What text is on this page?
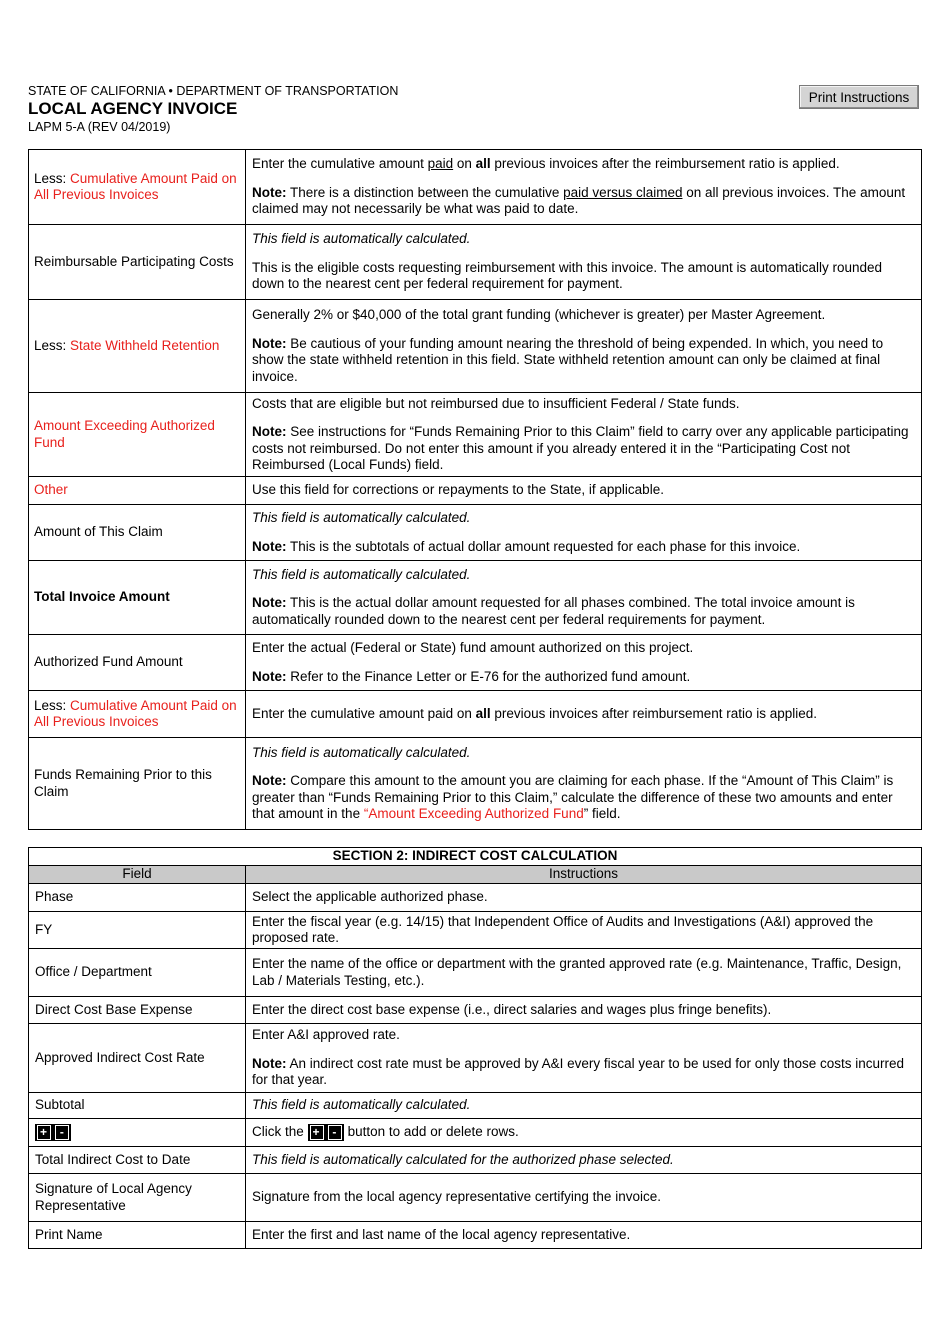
STATE OF CALIFORNIA • DEPARTMENT OF TRANSPORTATION
LOCAL AGENCY INVOICE
LAPM 5-A (REV 04/2019)
Print Instructions
Less: Cumulative Amount Paid on All Previous Invoices	Enter the cumulative amount paid on all previous invoices after the reimbursement ratio is applied.

Note: There is a distinction between the cumulative paid versus claimed on all previous invoices. The amount claimed may not necessarily be what was paid to date.

Reimbursable Participating Costs	This field is automatically calculated.

This is the eligible costs requesting reimbursement with this invoice. The amount is automatically rounded down to the nearest cent per federal requirement for payment.

Less: State Withheld Retention	Generally 2% or $40,000 of the total grant funding (whichever is greater) per Master Agreement.

Note: Be cautious of your funding amount nearing the threshold of being expended. In which, you need to show the state withheld retention in this field. State withheld retention amount can only be claimed at final invoice.

Amount Exceeding Authorized Fund	Costs that are eligible but not reimbursed due to insufficient Federal / State funds.

Note: See instructions for “Funds Remaining Prior to this Claim” field to carry over any applicable participating costs not reimbursed. Do not enter this amount if you already entered it in the “Participating Cost not Reimbursed (Local Funds) field.

Other	Use this field for corrections or repayments to the State, if applicable.
Amount of This Claim	This field is automatically calculated.

Note: This is the subtotals of actual dollar amount requested for each phase for this invoice.

Total Invoice Amount	This field is automatically calculated.

Note: This is the actual dollar amount requested for all phases combined. The total invoice amount is automatically rounded down to the nearest cent per federal requirements for payment.

Authorized Fund Amount	Enter the actual (Federal or State) fund amount authorized on this project.

Note: Refer to the Finance Letter or E-76 for the authorized fund amount.

Less: Cumulative Amount Paid on All Previous Invoices	Enter the cumulative amount paid on all previous invoices after reimbursement ratio is applied.
Funds Remaining Prior to this Claim	This field is automatically calculated.

Note: Compare this amount to the amount you are claiming for each phase. If the “Amount of This Claim” is greater than “Funds Remaining Prior to this Claim,” calculate the difference of these two amounts and enter that amount in the “Amount Exceeding Authorized Fund” field.

SECTION 2: INDIRECT COST CALCULATION	
Field	Instructions
Phase	Select the applicable authorized phase.
FY	Enter the fiscal year (e.g. 14/15) that Independent Office of Audits and Investigations (A&I) approved the proposed rate.
Office / Department	Enter the name of the office or department with the granted approved rate (e.g. Maintenance, Traffic, Design, Lab / Materials Testing, etc.).
Direct Cost Base Expense	Enter the direct cost base expense (i.e., direct salaries and wages plus fringe benefits).
Approved Indirect Cost Rate	Enter A&I approved rate.

Note: An indirect cost rate must be approved by A&I every fiscal year to be used for only those costs incurred for that year.

Subtotal	This field is automatically calculated.
+ -	Click the + - button to add or delete rows.
Total Indirect Cost to Date	This field is automatically calculated for the authorized phase selected.
Signature of Local Agency Representative	Signature from the local agency representative certifying the invoice.
Print Name	Enter the first and last name of the local agency representative.
